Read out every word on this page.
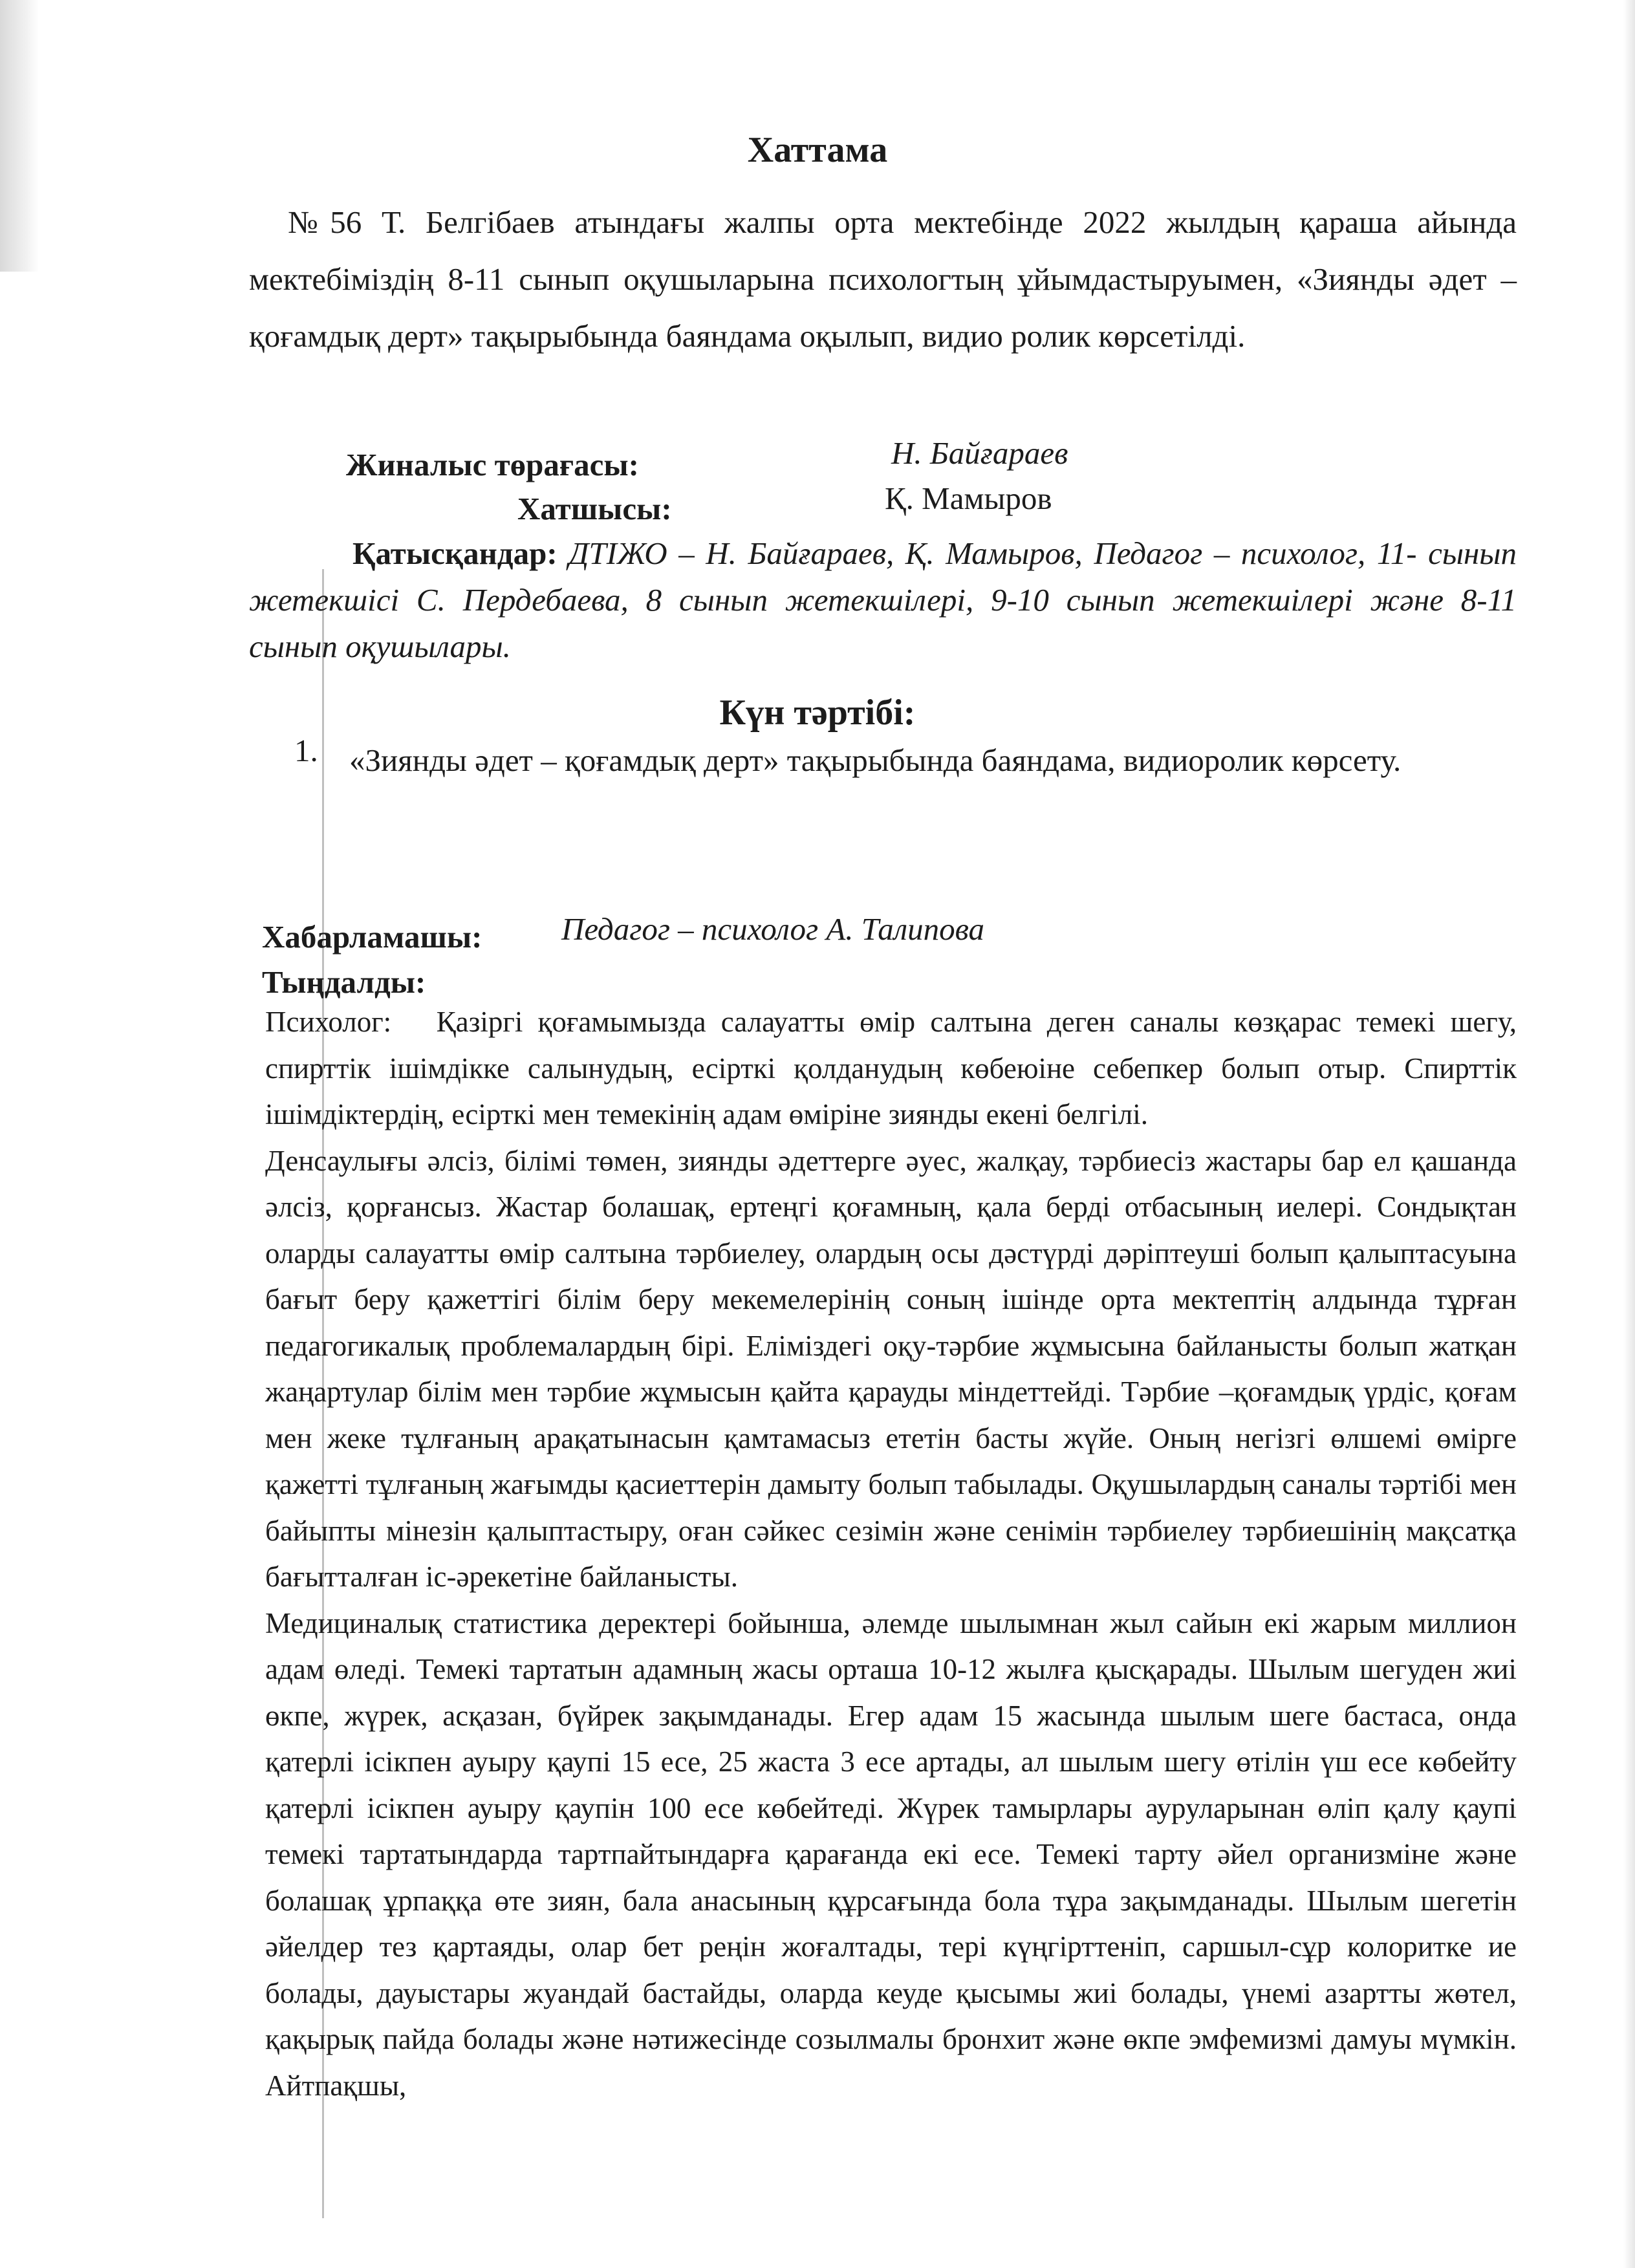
Хаттама
№56 Т. Белгібаев атындағы жалпы орта мектебінде 2022 жылдың қараша айында мектебіміздің 8-11 сынып оқушыларына психологтың ұйымдастыруымен, «Зиянды әдет – қоғамдық дерт» тақырыбында баяндама оқылып, видио ролик көрсетілді.
Жиналыс төрағасы:	Н. Байғараев
Хатшысы:	Қ. Мамыров
Қатысқандар: ДТІЖО – Н. Байғараев, Қ. Мамыров, Педагог – психолог, 11- сынып жетекшісі С. Пердебаева, 8 сынып жетекшілері, 9-10 сынып жетекшілері және 8-11 сынып оқушылары.
Күн тәртібі:
1. «Зиянды әдет – қоғамдық дерт» тақырыбында баяндама, видиоролик көрсету.
Хабарламашы:	Педагог – психолог А. Талипова
Тыңдалды:

Психолог: Қазіргі қоғамымызда салауатты өмір салтына деген саналы көзқарас темекі шегу, спирттік ішімдікке салынудың, есірткі қолданудың көбеюіне себепкер болып отыр. Спирттік ішімдіктердің, есірткі мен темекінің адам өміріне зиянды екені белгілі.

Денсаулығы әлсіз, білімі төмен, зиянды әдеттерге әуес, жалқау, тәрбиесіз жастары бар ел қашанда әлсіз, қорғансыз. Жастар болашақ, ертеңгі қоғамның, қала берді отбасының иелері. Сондықтан оларды салауатты өмір салтына тәрбиелеу, олардың осы дәстүрді дәріптеуші болып қалыптасуына бағыт беру қажеттігі білім беру мекемелерінің соның ішінде орта мектептің алдында тұрған педагогикалық проблемалардың бірі. Еліміздегі оқу-тәрбие жұмысына байланысты болып жатқан жаңартулар білім мен тәрбие жұмысын қайта қарауды міндеттейді. Тәрбие –қоғамдық үрдіс, қоғам мен жеке тұлғаның арақатынасын қамтамасыз ететін басты жүйе. Оның негізгі өлшемі өмірге қажетті тұлғаның жағымды қасиеттерін дамыту болып табылады. Оқушылардың саналы тәртібі мен байыпты мінезін қалыптастыру, оған сәйкес сезімін және сенімін тәрбиелеу тәрбиешінің мақсатқа бағытталған іс-әрекетіне байланысты.

Медициналық статистика деректері бойынша, әлемде шылымнан жыл сайын екі жарым миллион адам өледі. Темекі тартатын адамның жасы орташа 10-12 жылға қысқарады. Шылым шегуден жиі өкпе, жүрек, асқазан, бүйрек зақымданады. Егер адам 15 жасында шылым шеге бастаса, онда қатерлі ісікпен ауыру қаупі 15 есе, 25 жаста 3 есе артады, ал шылым шегу өтілін үш есе көбейту қатерлі ісікпен ауыру қаупін 100 есе көбейтеді. Жүрек тамырлары ауруларынан өліп қалу қаупі темекі тартатындарда тартпайтындарға қарағанда екі есе. Темекі тарту әйел организміне және болашақ ұрпаққа өте зиян, бала анасының құрсағында бола тұра зақымданады. Шылым шегетін әйелдер тез қартаяды, олар бет реңін жоғалтады, тері күңгірттеніп, саршыл-сұр колоритке ие болады, дауыстары жуандай бастайды, оларда кеуде қысымы жиі болады, үнемі азартты жөтел, қақырық пайда болады және нәтижесінде созылмалы бронхит және өкпе эмфемизмі дамуы мүмкін. Айтпақшы,
